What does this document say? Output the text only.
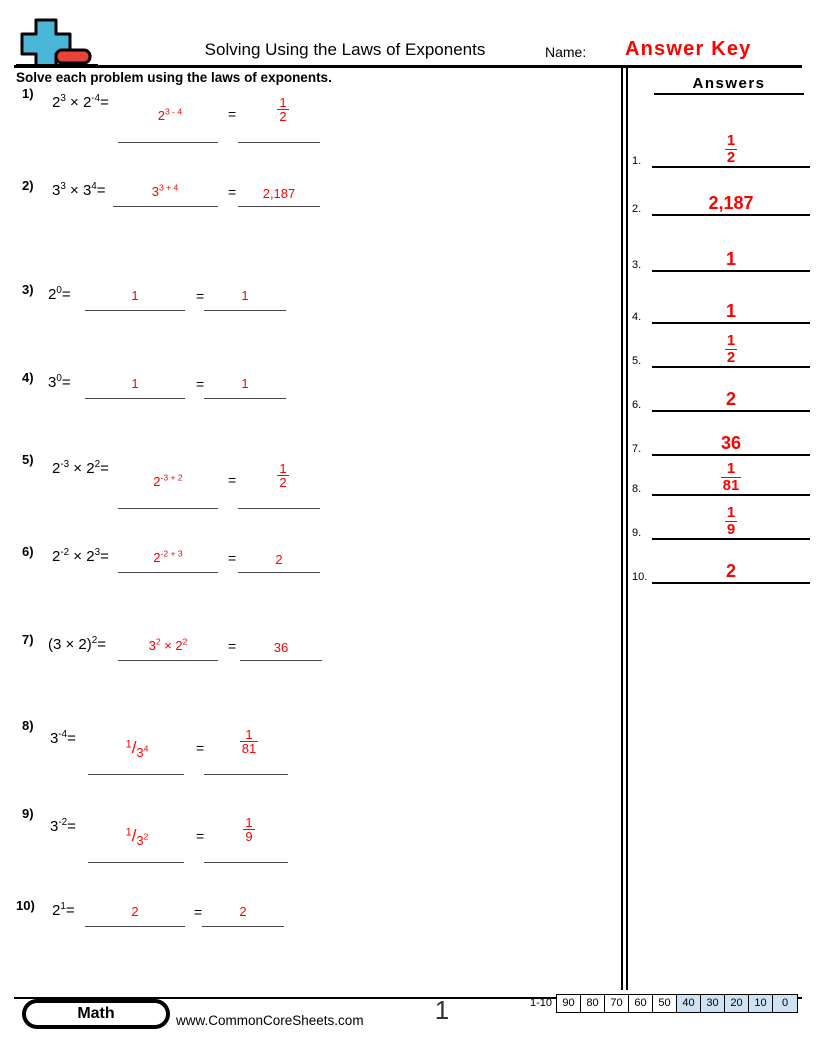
Solving Using the Laws of Exponents	Name: Answer Key
Solve each problem using the laws of exponents.
1)
$2^3 \times 2^{-4}=$
$2^{3 - 4}$	=	$\frac{1}{2}$
2) $3^3 \times 3^4=$	$3^{3 + 4}$	=	2,187
3) $2^0=$	1	=	1
4) $3^0=$	1	=	1
5)
$2^{-3} \times 2^2=$
$2^{-3 + 2}$	=	$\frac{1}{2}$
6) $2^{-2} \times 2^3=$	$2^{-2 + 3}$	=	2
7) $(3 \times 2)^2=$	$3^2 \times 2^2$	=	36
8)
$3^{-4}=$	$^1/3^4$	=	$\frac{1}{81}$
9)
$3^{-2}=$	$^1/3^2$	=	$\frac{1}{9}$
10) $2^1=$	2	=	2
Answers
1.	$\frac{1}{2}$
2.	2,187
3.	1
4.	1
5.	$\frac{1}{2}$
6.	2
7.	36
8.	$\frac{1}{81}$
9.	$\frac{1}{9}$
10.	2
Math	www.CommonCoreSheets.com	1	1-10 90	80	70	60	50	40	30	20	10	0
